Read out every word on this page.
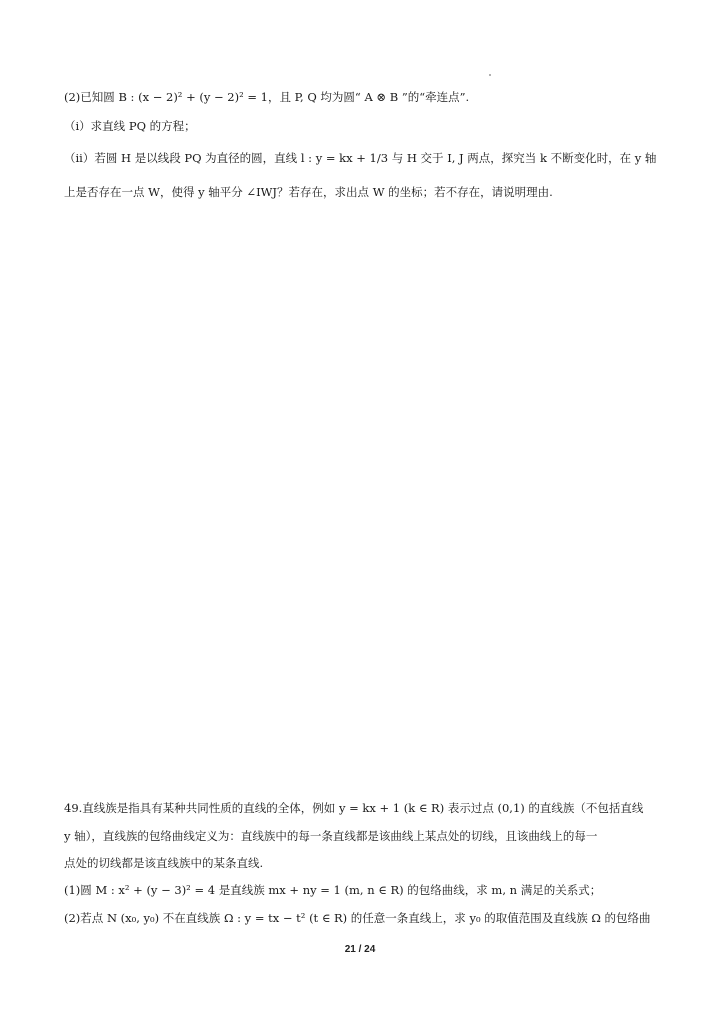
(2)已知圆 B : (x − 2)² + (y − 2)² = 1，且 P, Q 均为圆“ A ⊗ B ”的“牵连点”.
（i）求直线 PQ 的方程；
（ii）若圆 H 是以线段 PQ 为直径的圆，直线 l : y = kx + 1/3 与 H 交于 I, J 两点，探究当 k 不断变化时，在 y 轴
上是否存在一点 W，使得 y 轴平分 ∠IWJ？若存在，求出点 W 的坐标；若不存在，请说明理由.
49.直线族是指具有某种共同性质的直线的全体，例如 y = kx + 1 (k ∈ R) 表示过点 (0,1) 的直线族（不包括直线
y 轴），直线族的包络曲线定义为：直线族中的每一条直线都是该曲线上某点处的切线，且该曲线上的每一
点处的切线都是该直线族中的某条直线.
(1)圆 M : x² + (y − 3)² = 4 是直线族 mx + ny = 1 (m, n ∈ R) 的包络曲线，求 m, n 满足的关系式；
(2)若点 N (x₀, y₀) 不在直线族 Ω : y = tx − t² (t ∈ R) 的任意一条直线上，求 y₀ 的取值范围及直线族 Ω 的包络曲
21 / 24
